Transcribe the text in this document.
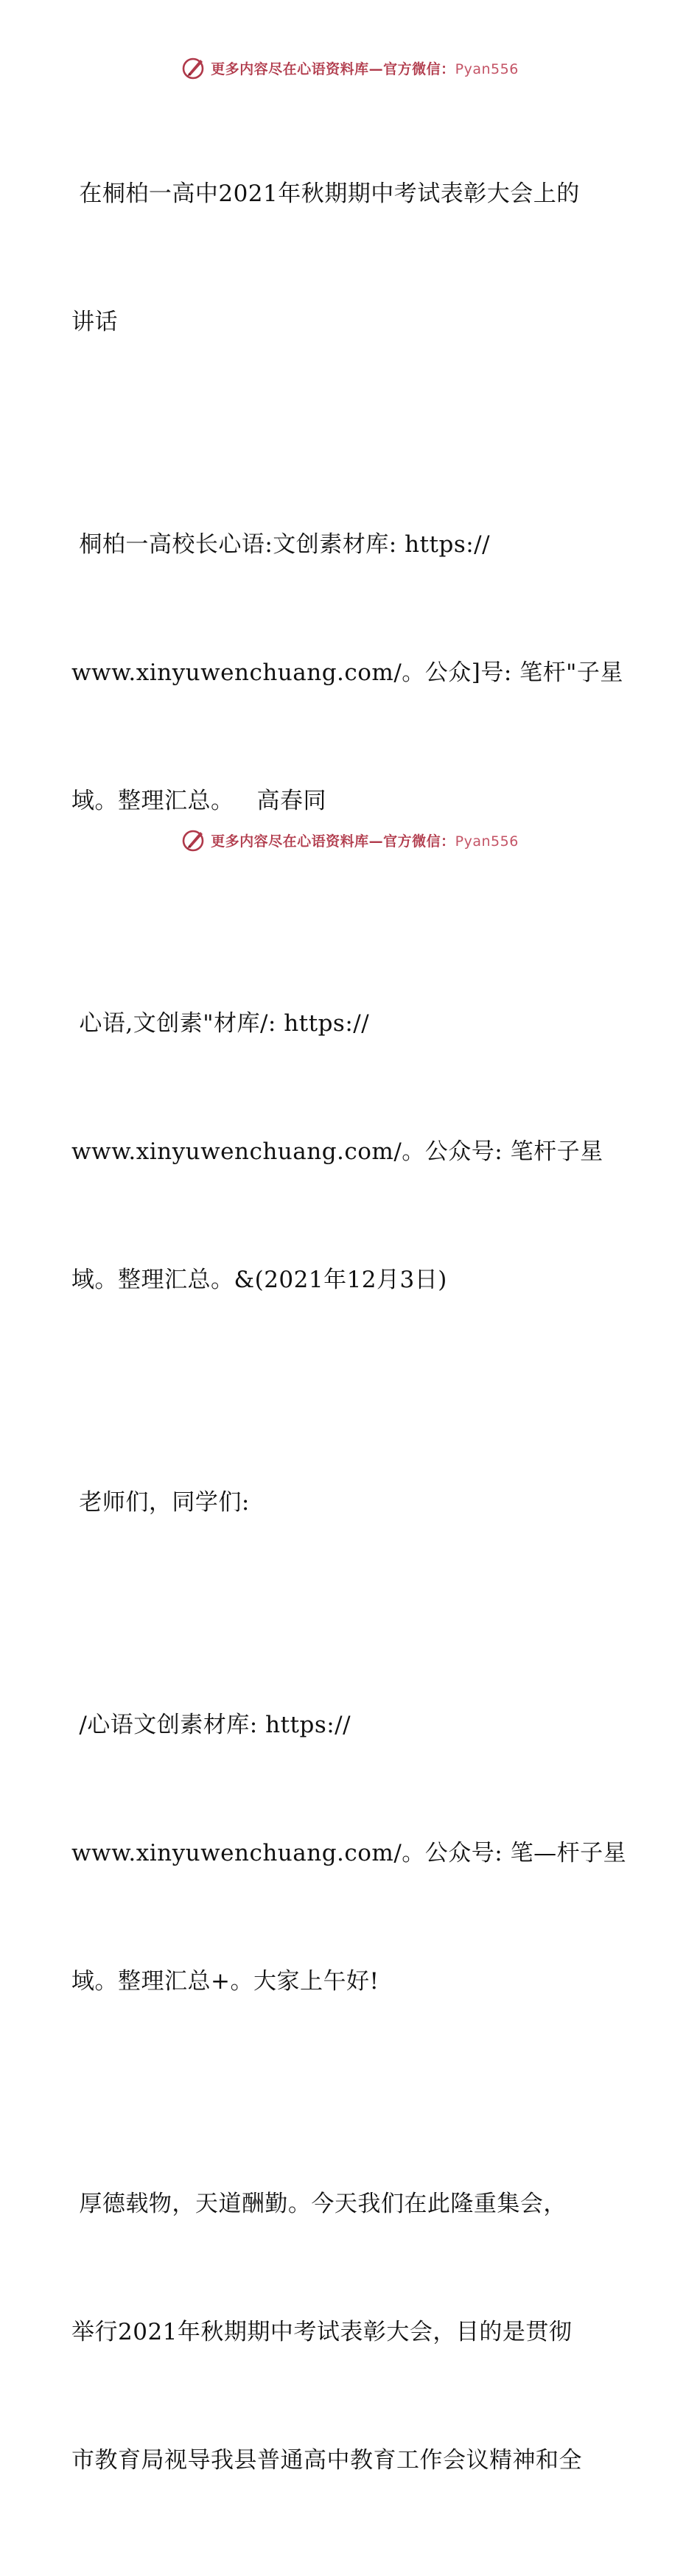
更多内容尽在心语资料库—官方微信：Pyan556

在桐柏一高中2021年秋期期中考试表彰大会上的

讲话

桐柏一高校长心语:文创素材库: https://

www.xinyuwenchuang.com/。公众]号: 笔杆"子星

域。整理汇总。   高春同

心语,文创素"材库/: https://

www.xinyuwenchuang.com/。公众号: 笔杆子星

域。整理汇总。&(2021年12月3日)

老师们，同学们:

/心语文创素材库: https://

www.xinyuwenchuang.com/。公众号: 笔—杆子星

域。整理汇总+。大家上午好!

厚德载物，天道酬勤。今天我们在此隆重集会，

举行2021年秋期期中考试表彰大会，目的是贯彻

市教育局视导我县普通高中教育工作会议精神和全

更多内容尽在心语资料库—官方微信：Pyan556
